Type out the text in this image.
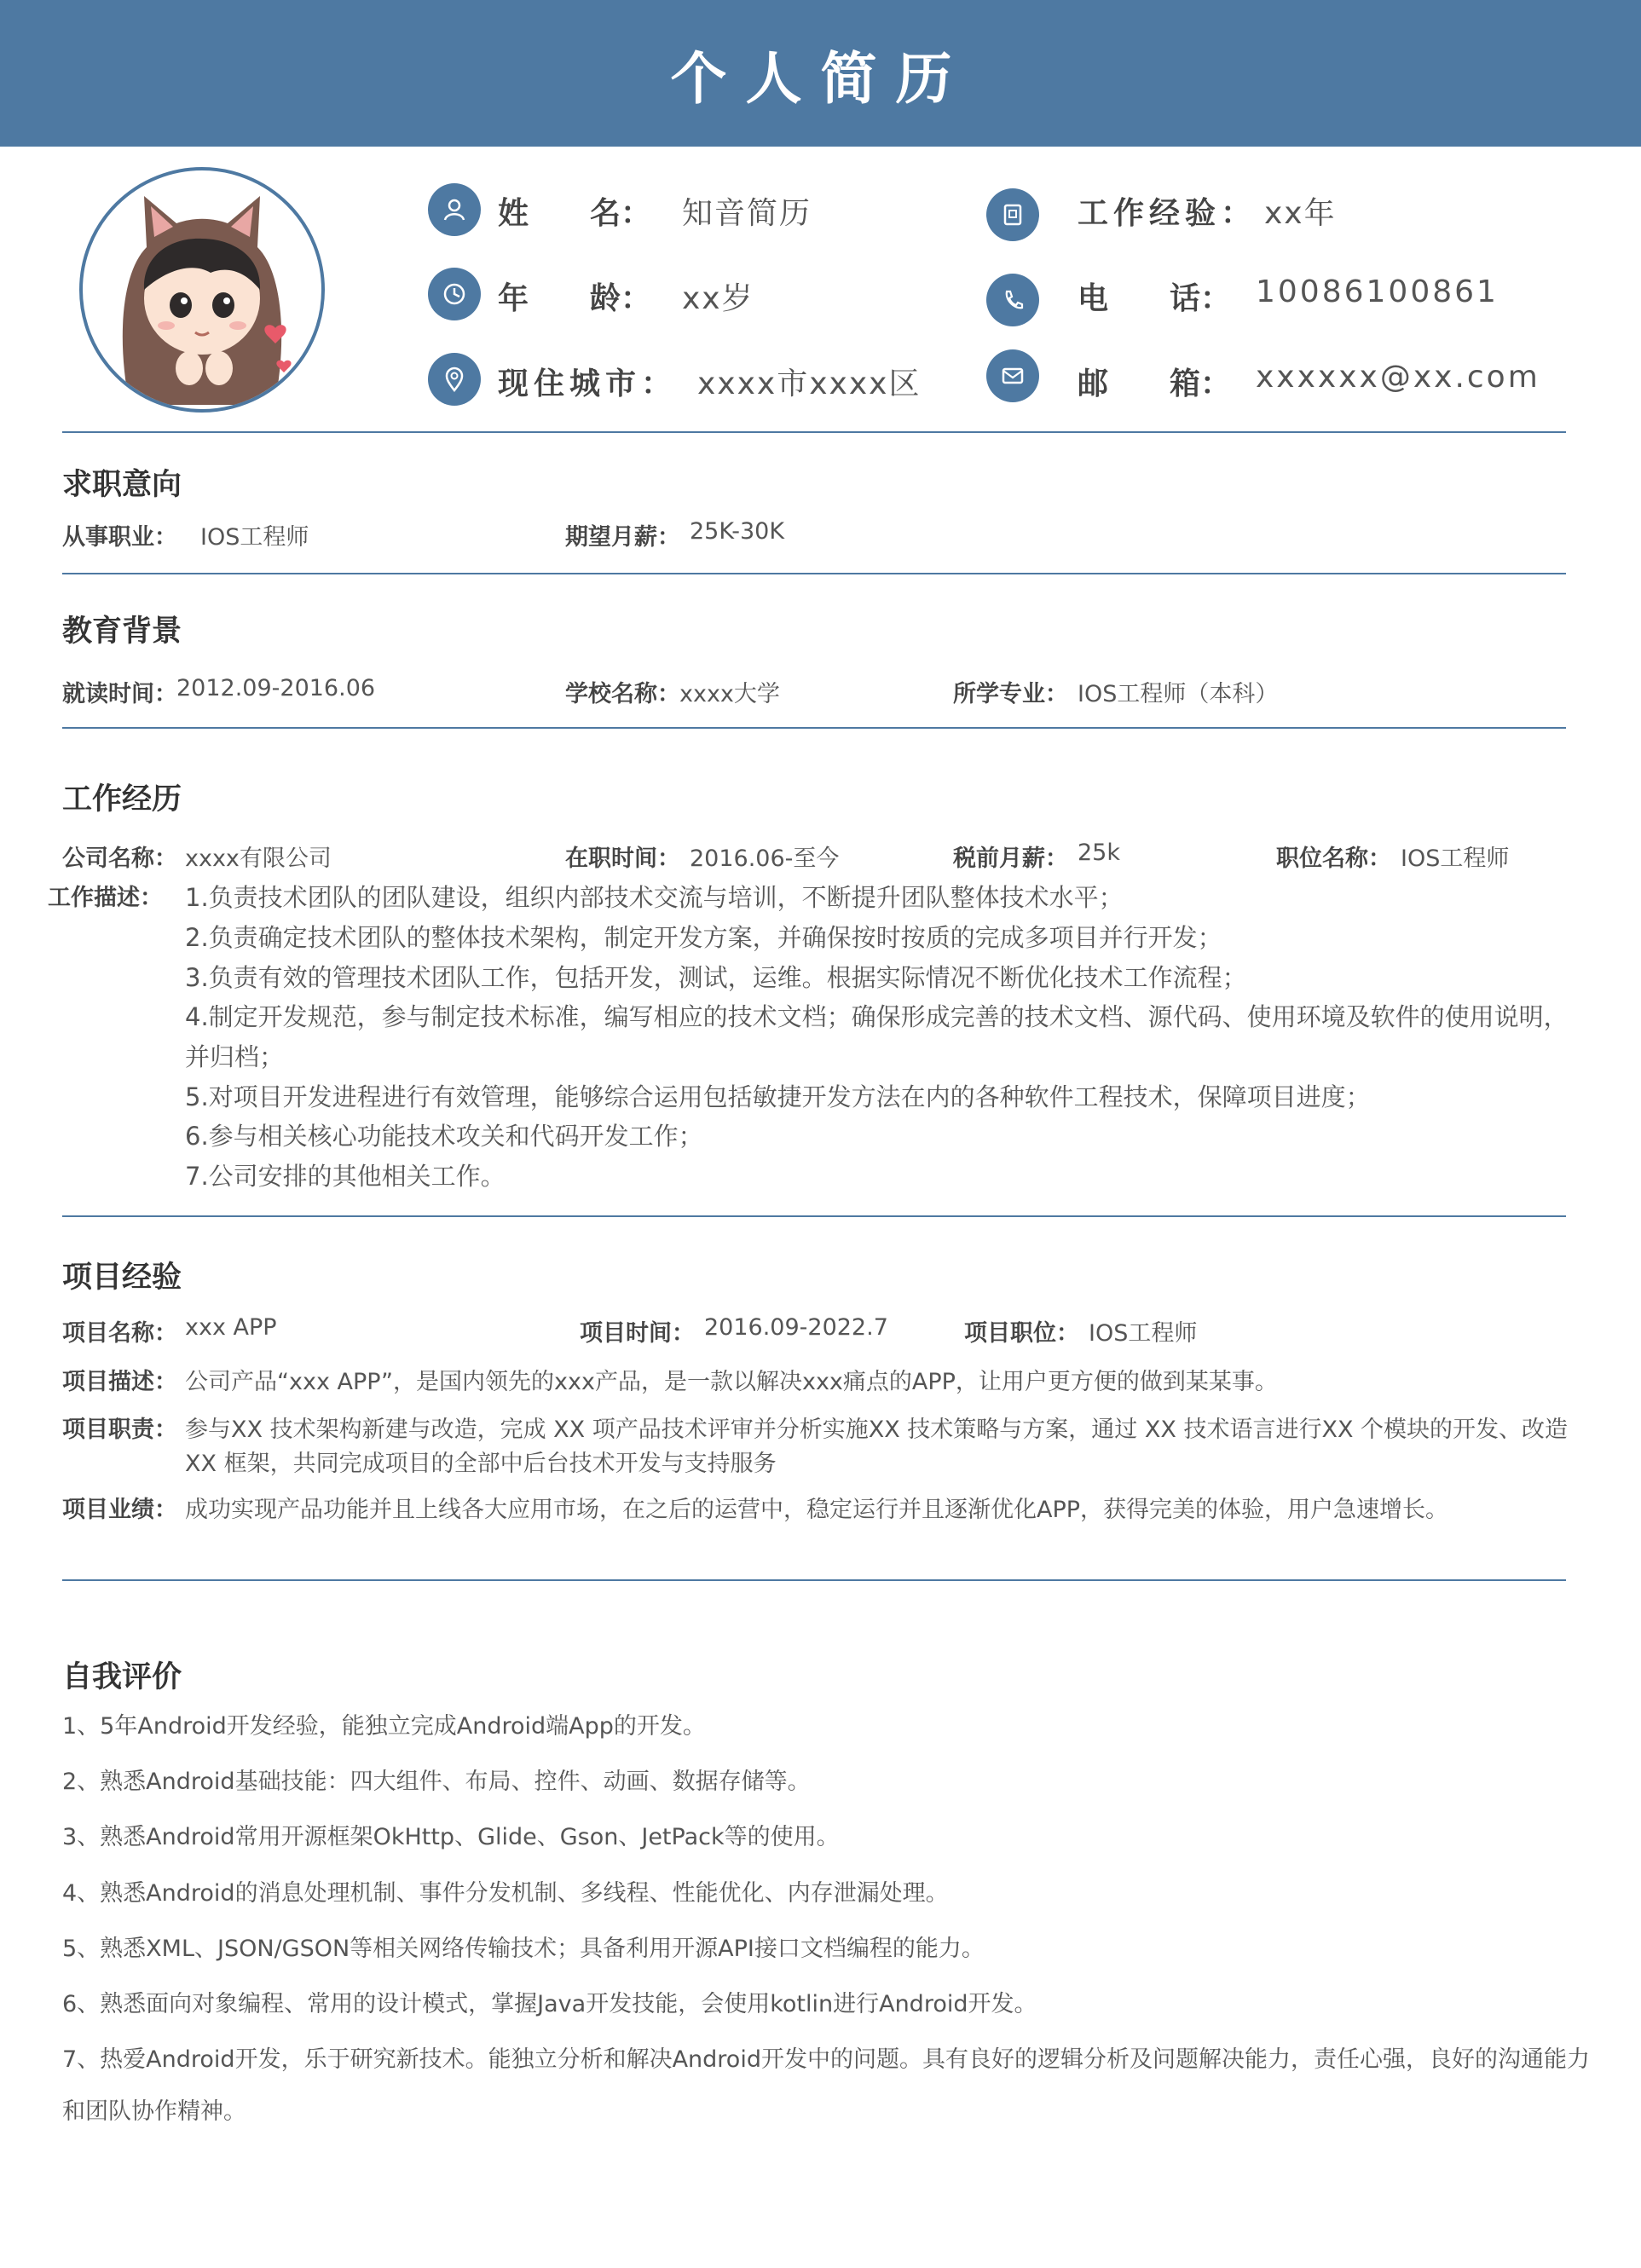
个人简历
姓　　名： 知音简历	工作经验： xx年
年　　龄： xx岁	电　　话： 10086100861
现住城市： xxxx市xxxx区	邮　　箱： xxxxxx@xx.com
求职意向
从事职业： IOS工程师	期望月薪： 25K-30K
教育背景
就读时间： 2012.09-2016.06	学校名称： xxxx大学	所学专业： IOS工程师（本科）
工作经历
公司名称： xxxx有限公司	在职时间： 2016.06-至今	税前月薪： 25k	职位名称： IOS工程师
工作描述： 1.负责技术团队的团队建设，组织内部技术交流与培训，不断提升团队整体技术水平；
2.负责确定技术团队的整体技术架构，制定开发方案，并确保按时按质的完成多项目并行开发；
3.负责有效的管理技术团队工作，包括开发，测试，运维。根据实际情况不断优化技术工作流程；
4.制定开发规范，参与制定技术标准，编写相应的技术文档；确保形成完善的技术文档、源代码、使用环境及软件的使用说明，
并归档；
5.对项目开发进程进行有效管理，能够综合运用包括敏捷开发方法在内的各种软件工程技术，保障项目进度；
6.参与相关核心功能技术攻关和代码开发工作；
7.公司安排的其他相关工作。
项目经验
项目名称： xxx APP	项目时间： 2016.09-2022.7	项目职位： IOS工程师
项目描述： 公司产品“xxx APP”，是国内领先的xxx产品，是一款以解决xxx痛点的APP，让用户更方便的做到某某事。
项目职责： 参与XX 技术架构新建与改造，完成 XX 项产品技术评审并分析实施XX 技术策略与方案，通过 XX 技术语言进行XX 个模块的开发、改造
XX 框架，共同完成项目的全部中后台技术开发与支持服务
项目业绩： 成功实现产品功能并且上线各大应用市场，在之后的运营中，稳定运行并且逐渐优化APP，获得完美的体验，用户急速增长。
自我评价
1、5年Android开发经验，能独立完成Android端App的开发。
2、熟悉Android基础技能：四大组件、布局、控件、动画、数据存储等。
3、熟悉Android常用开源框架OkHttp、Glide、Gson、JetPack等的使用。
4、熟悉Android的消息处理机制、事件分发机制、多线程、性能优化、内存泄漏处理。
5、熟悉XML、JSON/GSON等相关网络传输技术；具备利用开源API接口文档编程的能力。
6、熟悉面向对象编程、常用的设计模式，掌握Java开发技能，会使用kotlin进行Android开发。
7、热爱Android开发，乐于研究新技术。能独立分析和解决Android开发中的问题。具有良好的逻辑分析及问题解决能力，责任心强，良好的沟通能力
和团队协作精神。
